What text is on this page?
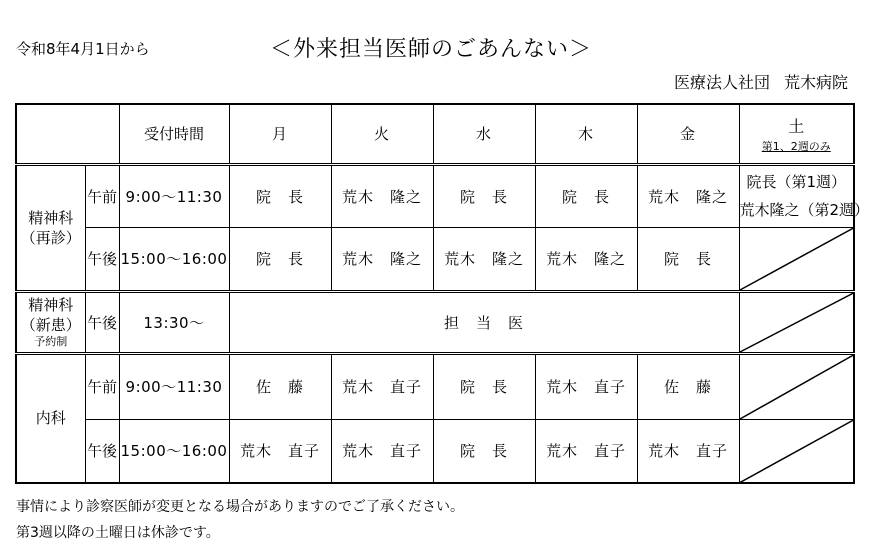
令和8年4月1日から	＜外来担当医師のごあんない＞
医療法人社団 荒木病院
		受付時間	月	火	水	木	金	土
第1、2週のみ

精神科
（再診）	午前	9:00～11:30	院　長	荒木　隆之	院　長	院　長	荒木　隆之	院長（第1週）
荒木隆之（第2週）

	午後	15:00～16:00	院　長	荒木　隆之	荒木　隆之	荒木　隆之	院　長	

精神科
（新患）
予約制	午後	13:30～	担　当　医	

内科	午前	9:00～11:30	佐　藤	荒木　直子	院　長	荒木　直子	佐　藤	

	午後	15:00～16:00	荒木　直子	荒木　直子	院　長	荒木　直子	荒木　直子	
事情により診察医師が変更となる場合がありますのでご了承ください。
第3週以降の土曜日は休診です。
